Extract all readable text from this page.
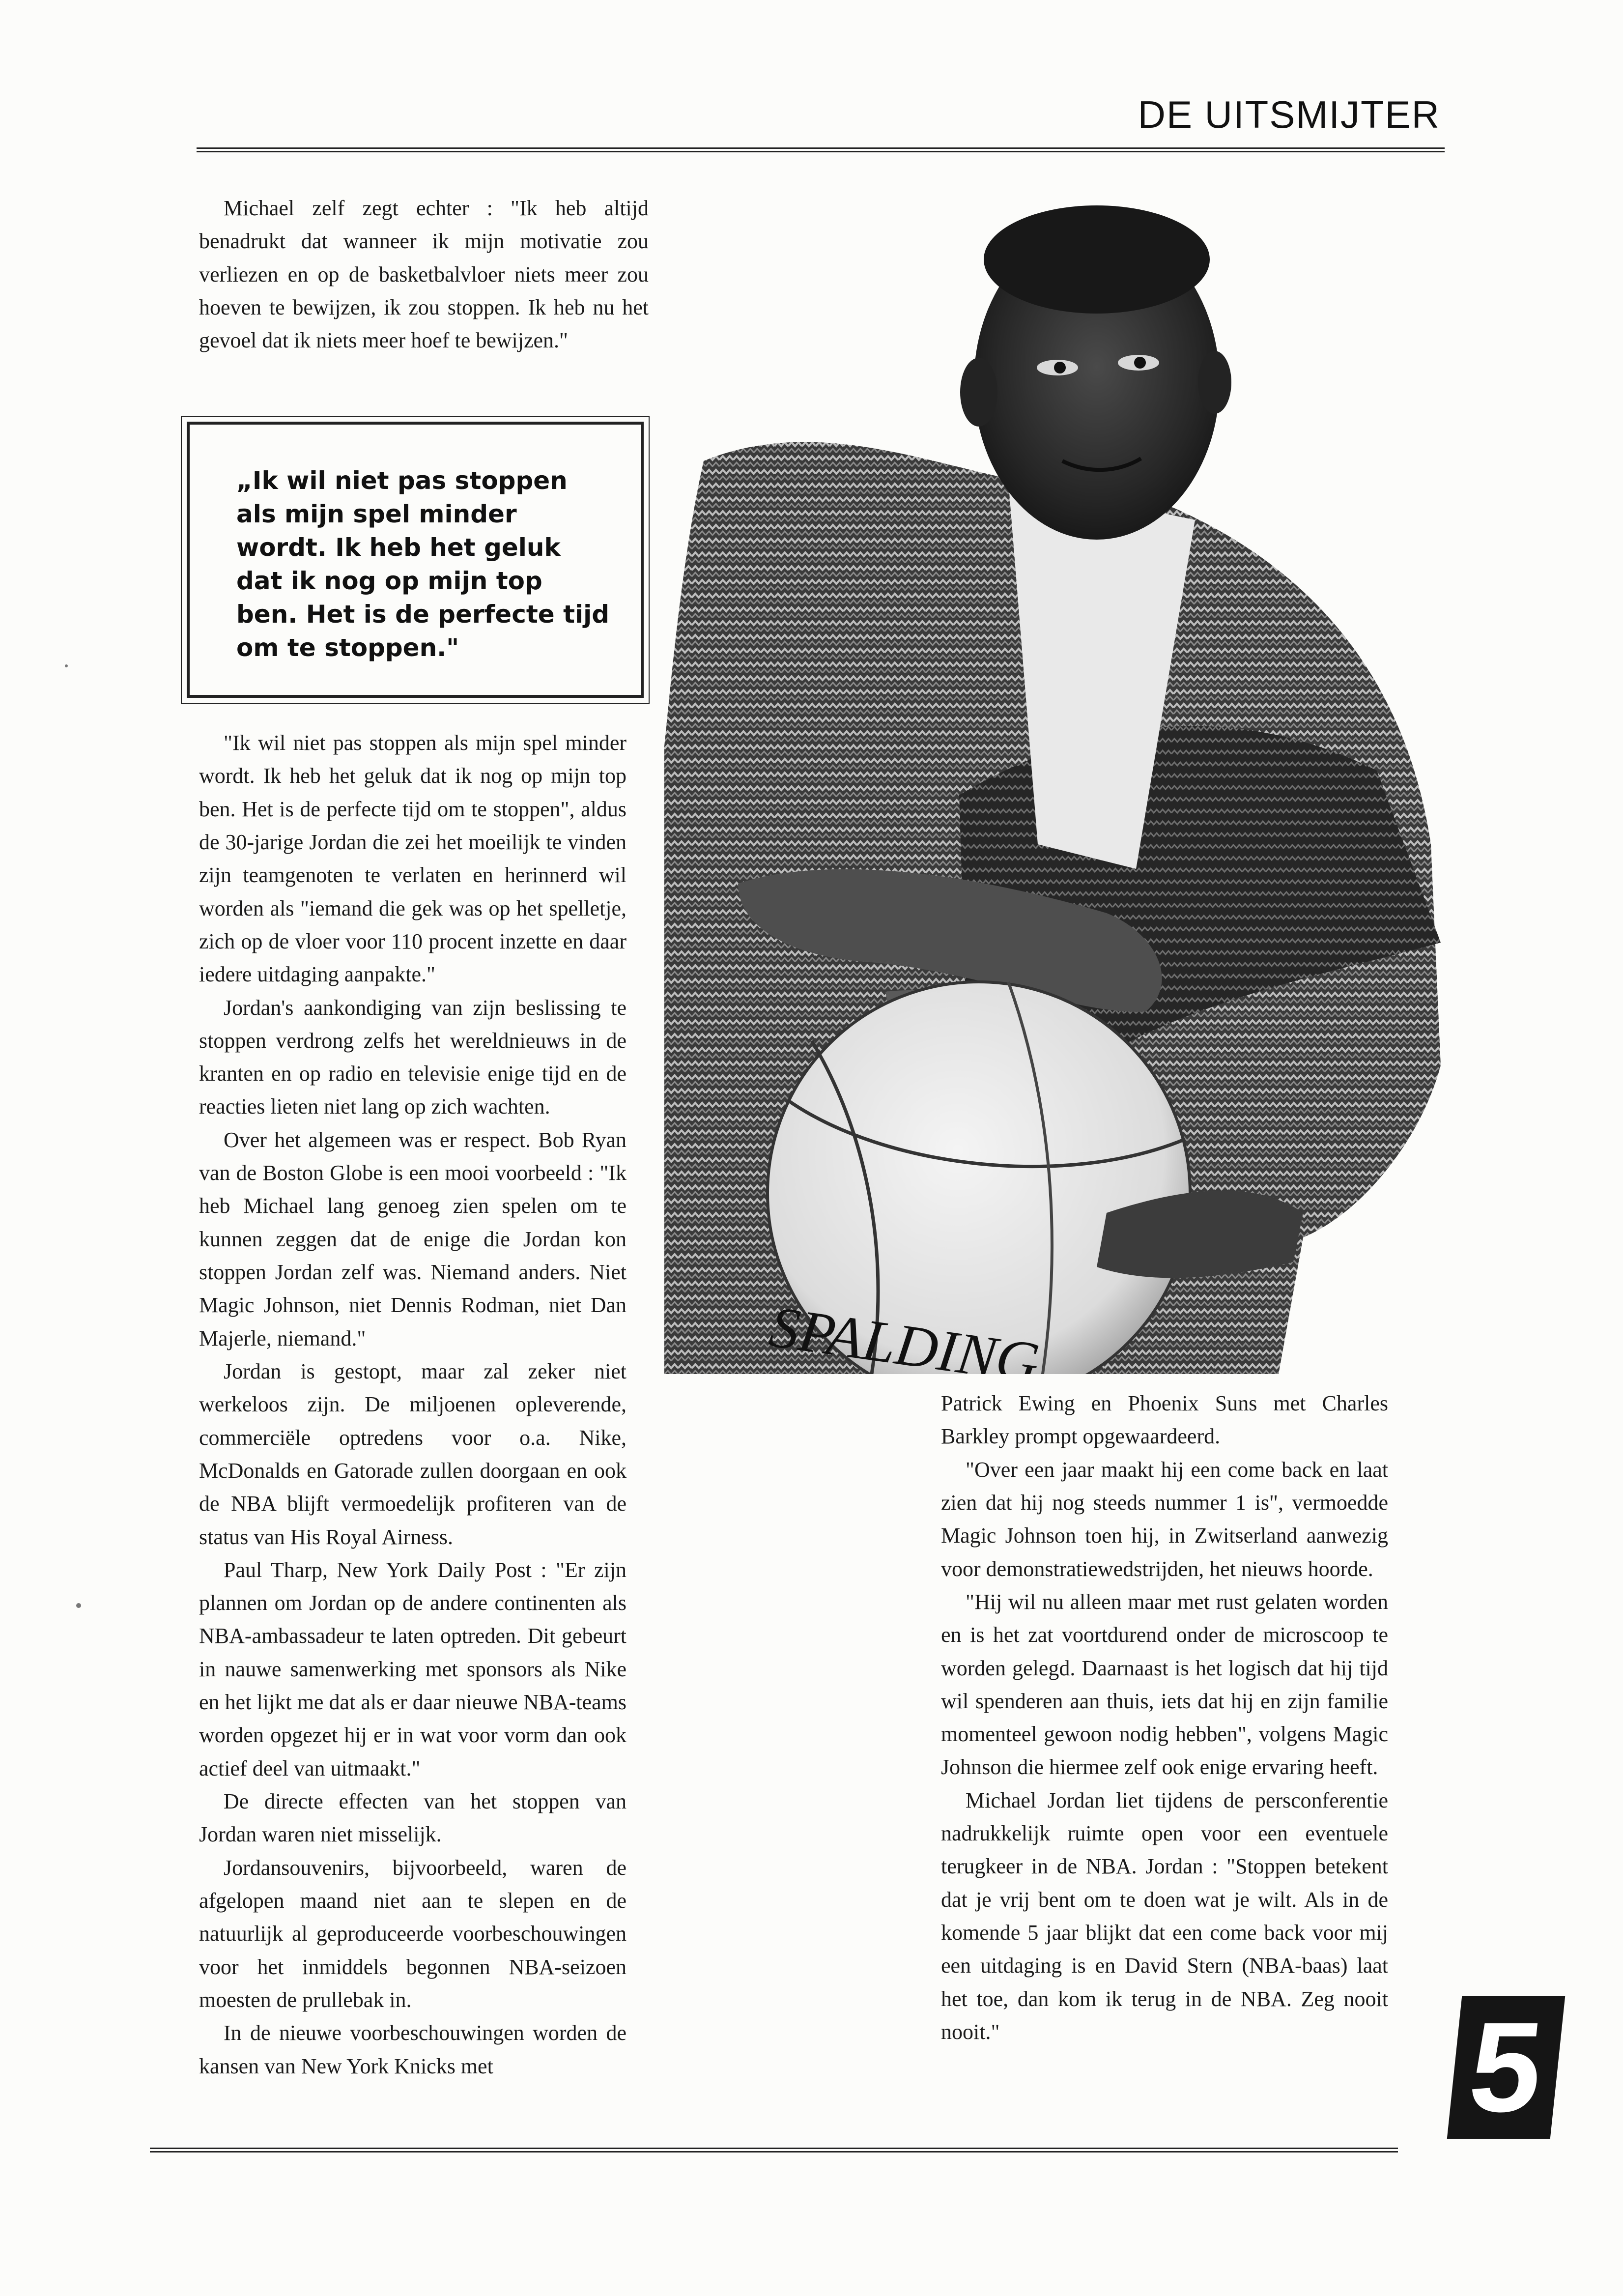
DE UITSMIJTER

Michael zelf zegt echter : "Ik heb altijd benadrukt dat wanneer ik mijn motivatie zou verliezen en op de basketbalvloer niets meer zou hoeven te bewijzen, ik zou stoppen. Ik heb nu het gevoel dat ik niets meer hoef te bewijzen."

„Ik wil niet pas stoppen als mijn spel minder wordt. Ik heb het geluk dat ik nog op mijn top ben. Het is de perfecte tijd om te stoppen."

"Ik wil niet pas stoppen als mijn spel minder wordt. Ik heb het geluk dat ik nog op mijn top ben. Het is de perfecte tijd om te stoppen", aldus de 30-jarige Jordan die zei het moeilijk te vinden zijn teamgenoten te verlaten en herinnerd wil worden als "iemand die gek was op het spelletje, zich op de vloer voor 110 procent inzette en daar iedere uitdaging aanpakte."

Jordan's aankondiging van zijn beslissing te stoppen verdrong zelfs het wereldnieuws in de kranten en op radio en televisie enige tijd en de reacties lieten niet lang op zich wachten.

Over het algemeen was er respect. Bob Ryan van de Boston Globe is een mooi voorbeeld : "Ik heb Michael lang genoeg zien spelen om te kunnen zeggen dat de enige die Jordan kon stoppen Jordan zelf was. Niemand anders. Niet Magic Johnson, niet Dennis Rodman, niet Dan Majerle, niemand."

Jordan is gestopt, maar zal zeker niet werkeloos zijn. De miljoenen opleverende, commerciële optredens voor o.a. Nike, McDonalds en Gatorade zullen doorgaan en ook de NBA blijft vermoedelijk profiteren van de status van His Royal Airness.

Paul Tharp, New York Daily Post : "Er zijn plannen om Jordan op de andere continenten als NBA-ambassadeur te laten optreden. Dit gebeurt in nauwe samenwerking met sponsors als Nike en het lijkt me dat als er daar nieuwe NBA-teams worden opgezet hij er in wat voor vorm dan ook actief deel van uitmaakt."

De directe effecten van het stoppen van Jordan waren niet misselijk.

Jordansouvenirs, bijvoorbeeld, waren de afgelopen maand niet aan te slepen en de natuurlijk al geproduceerde voorbeschouwingen voor het inmiddels begonnen NBA-seizoen moesten de prullebak in.

In de nieuwe voorbeschouwingen worden de kansen van New York Knicks met

SPALDING

Patrick Ewing en Phoenix Suns met Charles Barkley prompt opgewaardeerd.

"Over een jaar maakt hij een come back en laat zien dat hij nog steeds nummer 1 is", vermoedde Magic Johnson toen hij, in Zwitserland aanwezig voor demonstratiewedstrijden, het nieuws hoorde.

"Hij wil nu alleen maar met rust gelaten worden en is het zat voortdurend onder de microscoop te worden gelegd. Daarnaast is het logisch dat hij tijd wil spenderen aan thuis, iets dat hij en zijn familie momenteel gewoon nodig hebben", volgens Magic Johnson die hiermee zelf ook enige ervaring heeft.

Michael Jordan liet tijdens de persconferentie nadrukkelijk ruimte open voor een eventuele terugkeer in de NBA. Jordan : "Stoppen betekent dat je vrij bent om te doen wat je wilt. Als in de komende 5 jaar blijkt dat een come back voor mij een uitdaging is en David Stern (NBA-baas) laat het toe, dan kom ik terug in de NBA. Zeg nooit nooit."	5
